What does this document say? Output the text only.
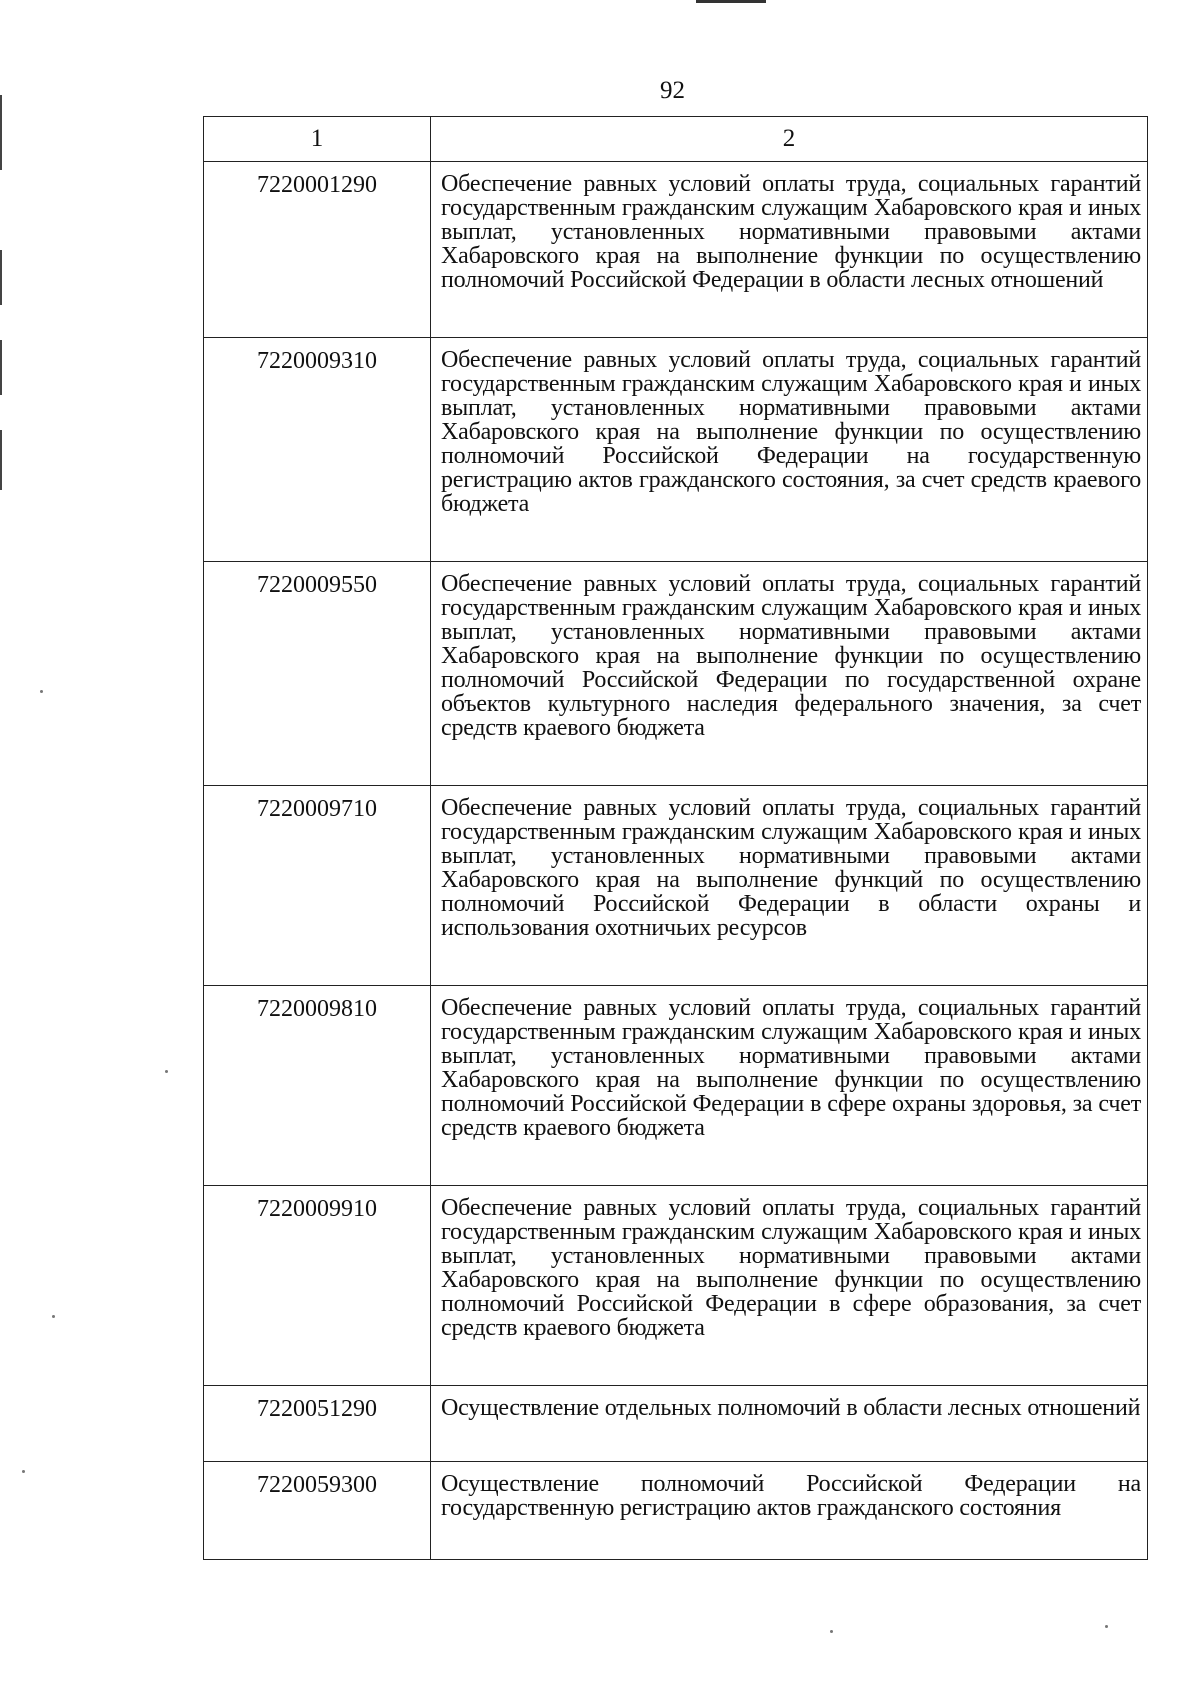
92
1	2
7220001290	Обеспечение равных условий оплаты труда, социальных гарантий государственным гражданским служащим Хабаровского края и иных выплат, установленных нормативными правовыми актами Хабаровского края на выполнение функции по осуществлению полномочий Российской Федерации в области лесных отношений
7220009310	Обеспечение равных условий оплаты труда, социальных гарантий государственным гражданским служащим Хабаровского края и иных выплат, установленных нормативными правовыми актами Хабаровского края на выполнение функции по осуществлению полномочий Российской Федерации на государственную регистрацию актов гражданского состояния, за счет средств краевого бюджета
7220009550	Обеспечение равных условий оплаты труда, социальных гарантий государственным гражданским служащим Хабаровского края и иных выплат, установленных нормативными правовыми актами Хабаровского края на выполнение функции по осуществлению полномочий Российской Федерации по государственной охране объектов культурного наследия федерального значения, за счет средств краевого бюджета
7220009710	Обеспечение равных условий оплаты труда, социальных гарантий государственным гражданским служащим Хабаровского края и иных выплат, установленных нормативными правовыми актами Хабаровского края на выполнение функций по осуществлению полномочий Российской Федерации в области охраны и использования охотничьих ресурсов
7220009810	Обеспечение равных условий оплаты труда, социальных гарантий государственным гражданским служащим Хабаровского края и иных выплат, установленных нормативными правовыми актами Хабаровского края на выполнение функции по осуществлению полномочий Российской Федерации в сфере охраны здоровья, за счет средств краевого бюджета
7220009910	Обеспечение равных условий оплаты труда, социальных гарантий государственным гражданским служащим Хабаровского края и иных выплат, установленных нормативными правовыми актами Хабаровского края на выполнение функции по осуществлению полномочий Российской Федерации в сфере образования, за счет средств краевого бюджета
7220051290	Осуществление отдельных полномочий в области лесных отношений
7220059300	Осуществление полномочий Российской Федерации на государственную регистрацию актов гражданского состояния
